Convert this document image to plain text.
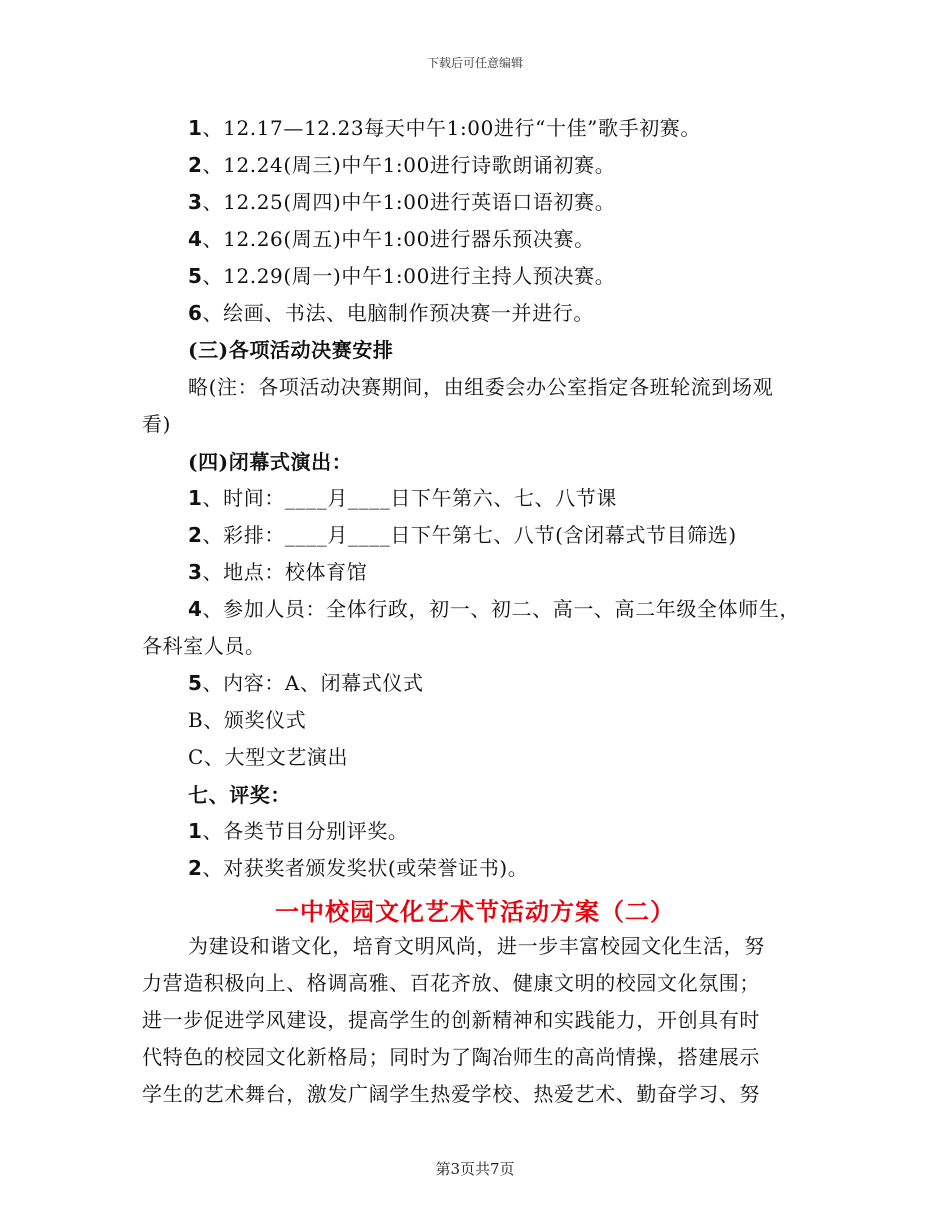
下载后可任意编辑
1、12.17—12.23每天中午1:00进行“十佳”歌手初赛。
2、12.24(周三)中午1:00进行诗歌朗诵初赛。
3、12.25(周四)中午1:00进行英语口语初赛。
4、12.26(周五)中午1:00进行器乐预决赛。
5、12.29(周一)中午1:00进行主持人预决赛。
6、绘画、书法、电脑制作预决赛一并进行。
(三)各项活动决赛安排
略(注：各项活动决赛期间，由组委会办公室指定各班轮流到场观
看)
(四)闭幕式演出：
1、时间：____月____日下午第六、七、八节课
2、彩排：____月____日下午第七、八节(含闭幕式节目筛选)
3、地点：校体育馆
4、参加人员：全体行政，初一、初二、高一、高二年级全体师生，
各科室人员。
5、内容：A、闭幕式仪式
B、颁奖仪式
C、大型文艺演出
七、评奖：
1、各类节目分别评奖。
2、对获奖者颁发奖状(或荣誉证书)。
一中校园文化艺术节活动方案（二）
为建设和谐文化，培育文明风尚，进一步丰富校园文化生活，努
力营造积极向上、格调高雅、百花齐放、健康文明的校园文化氛围；
进一步促进学风建设，提高学生的创新精神和实践能力，开创具有时
代特色的校园文化新格局；同时为了陶冶师生的高尚情操，搭建展示
学生的艺术舞台，激发广阔学生热爱学校、热爱艺术、勤奋学习、努
第3页共7页
